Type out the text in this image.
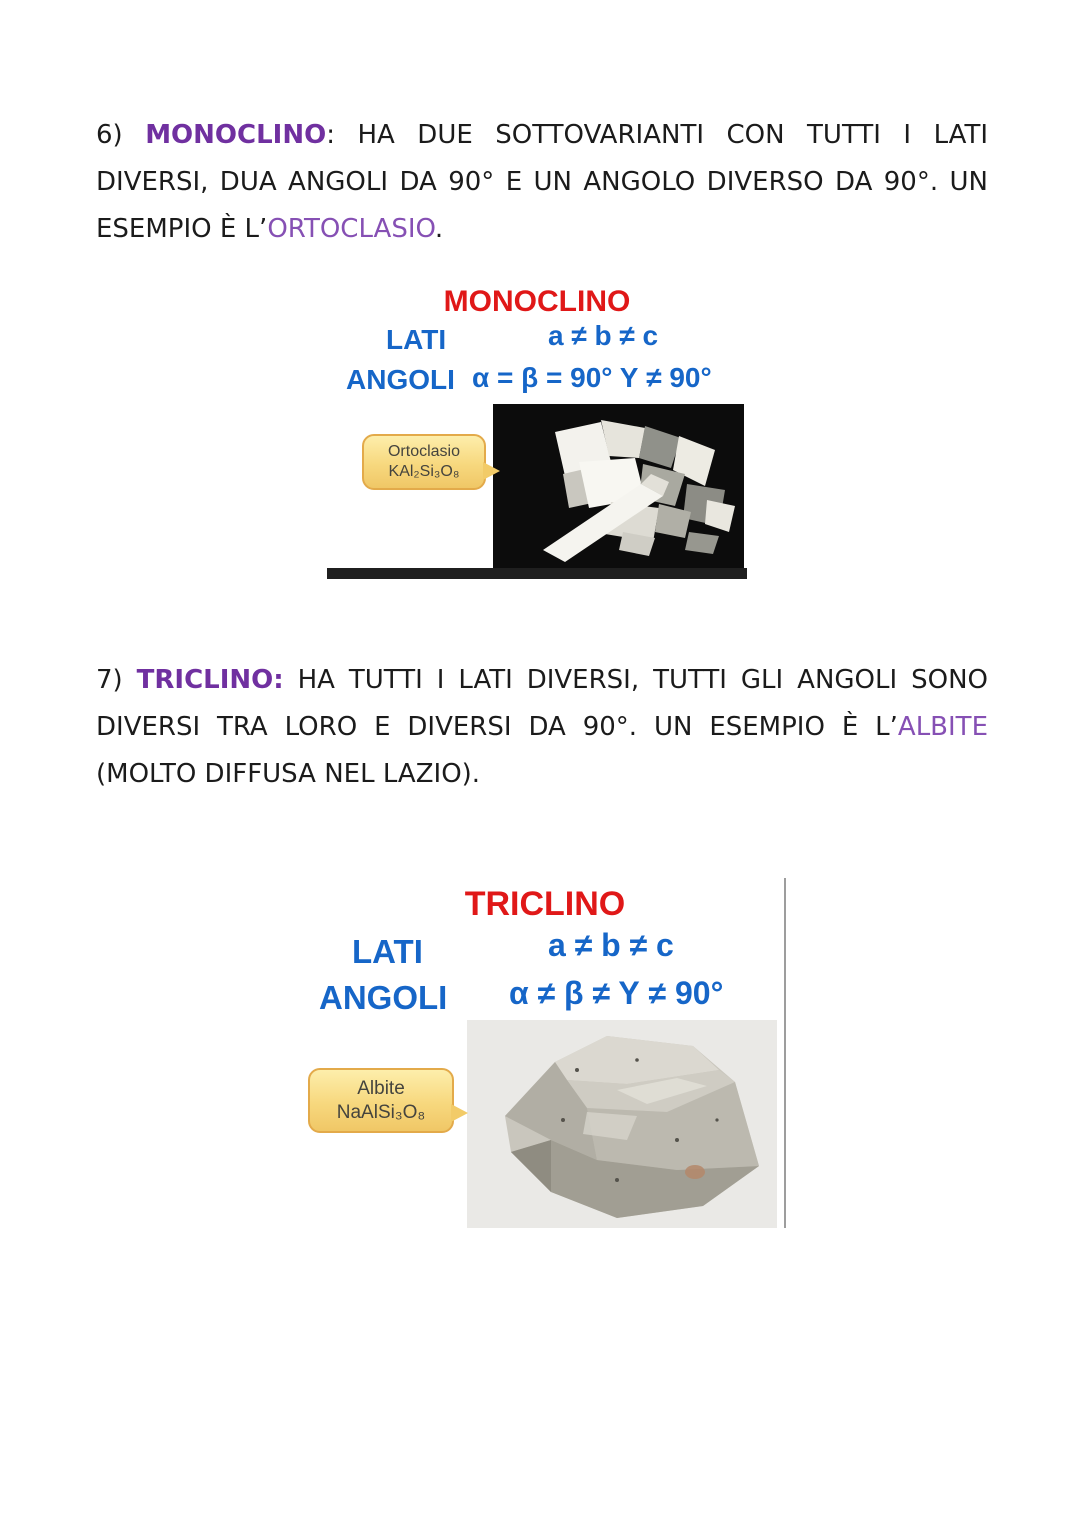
6) MONOCLINO: HA DUE SOTTOVARIANTI CON TUTTI I LATI
DIVERSI, DUA ANGOLI DA 90° E UN ANGOLO DIVERSO DA 90°. UN
ESEMPIO È L’ORTOCLASIO.
MONOCLINO
LATI	a ≠ b ≠ c
ANGOLI α = β = 90° Υ ≠ 90°
Ortoclasio
KAl₂Si₃O₈
7) TRICLINO: HA TUTTI I LATI DIVERSI, TUTTI GLI ANGOLI SONO
DIVERSI TRA LORO E DIVERSI DA 90°. UN ESEMPIO È L’ALBITE
(MOLTO DIFFUSA NEL LAZIO).
TRICLINO
LATI	a ≠ b ≠ c
ANGOLI α ≠ β ≠ Υ ≠ 90°
Albite
NaAlSi₃O₈
